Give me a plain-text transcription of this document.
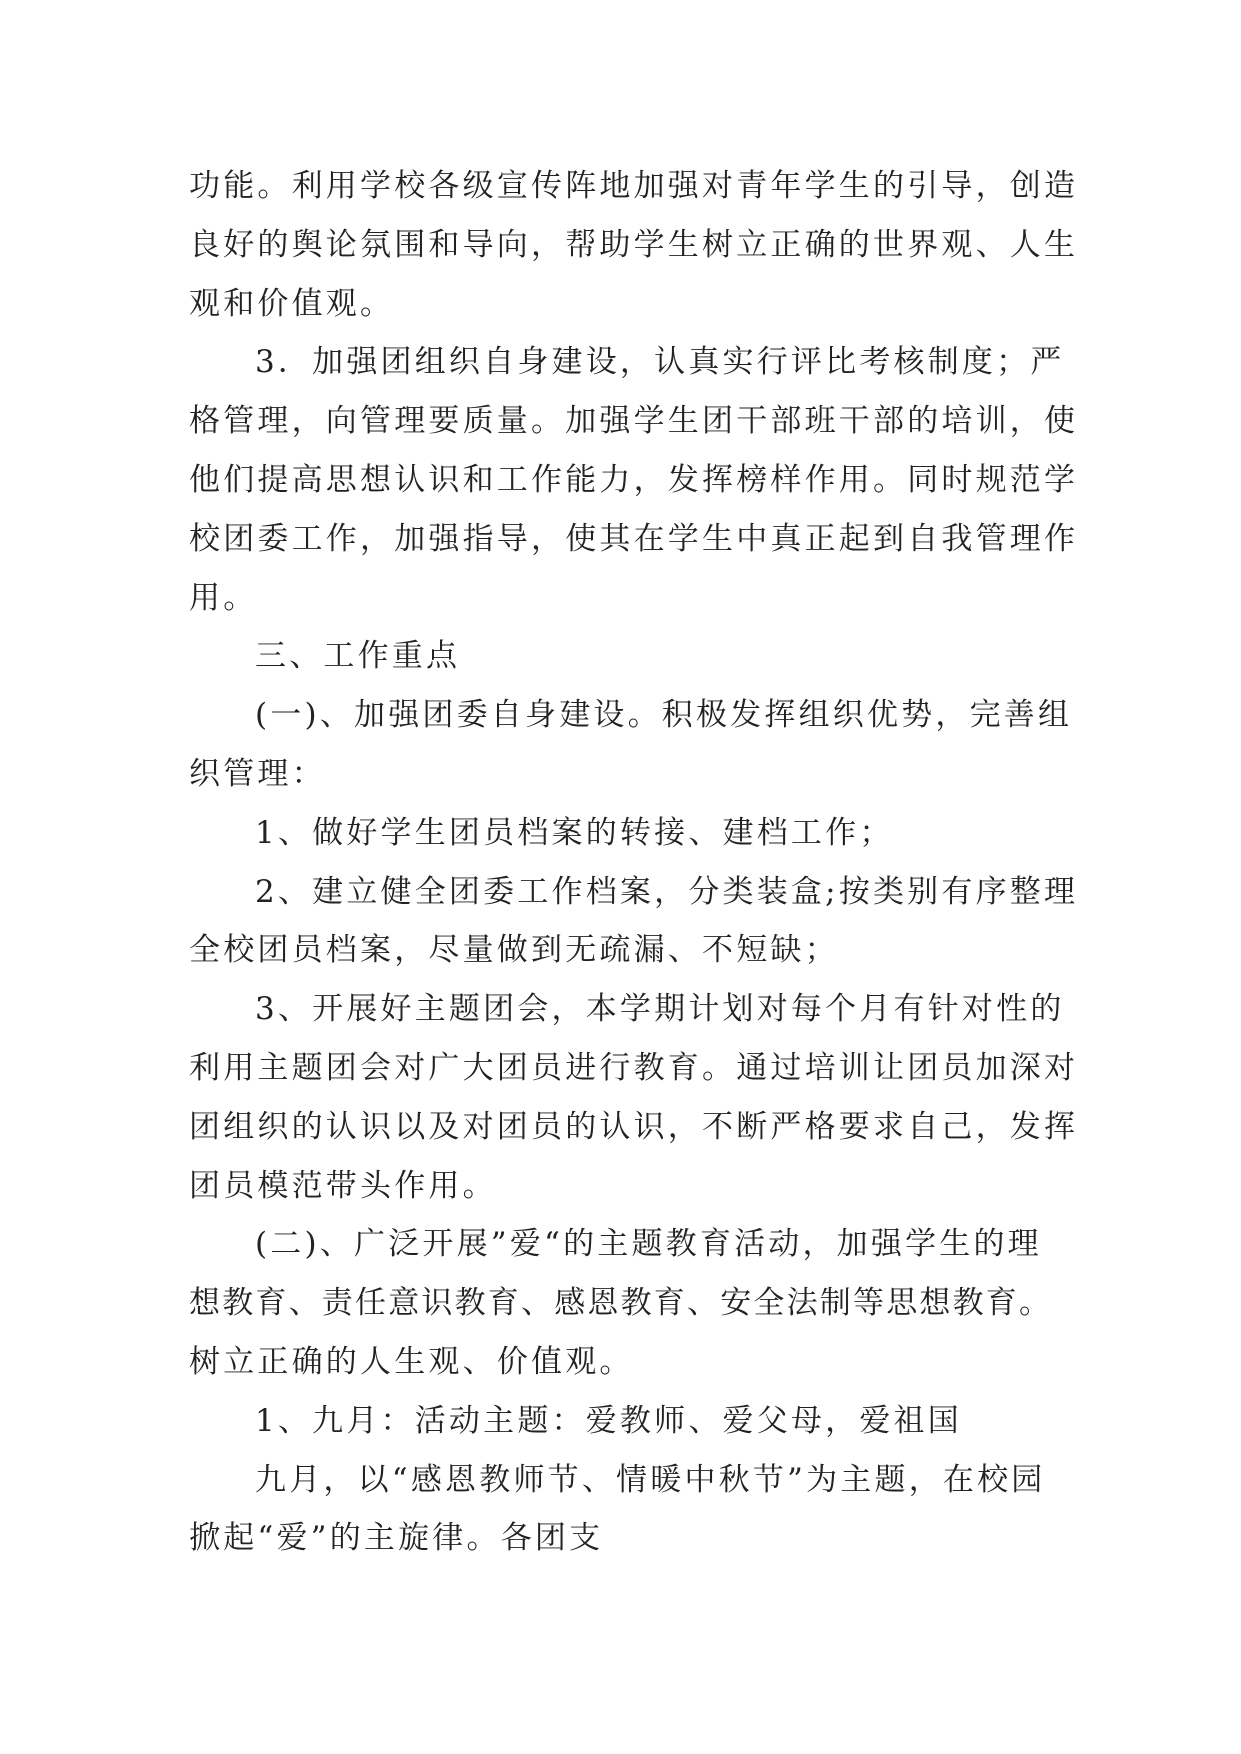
功能。利用学校各级宣传阵地加强对青年学生的引导，创造
良好的舆论氛围和导向，帮助学生树立正确的世界观、人生
观和价值观。
3．加强团组织自身建设，认真实行评比考核制度；严
格管理，向管理要质量。加强学生团干部班干部的培训，使
他们提高思想认识和工作能力，发挥榜样作用。同时规范学
校团委工作，加强指导，使其在学生中真正起到自我管理作
用。
三、工作重点
(一)、加强团委自身建设。积极发挥组织优势，完善组
织管理：
1、做好学生团员档案的转接、建档工作；
2、建立健全团委工作档案，分类装盒;按类别有序整理
全校团员档案，尽量做到无疏漏、不短缺；
3、开展好主题团会，本学期计划对每个月有针对性的
利用主题团会对广大团员进行教育。通过培训让团员加深对
团组织的认识以及对团员的认识，不断严格要求自己，发挥
团员模范带头作用。
(二)、广泛开展”爱“的主题教育活动，加强学生的理
想教育、责任意识教育、感恩教育、安全法制等思想教育。
树立正确的人生观、价值观。
1、九月：活动主题：爱教师、爱父母，爱祖国
九月，以“感恩教师节、情暖中秋节”为主题，在校园
掀起“爱”的主旋律。各团支
